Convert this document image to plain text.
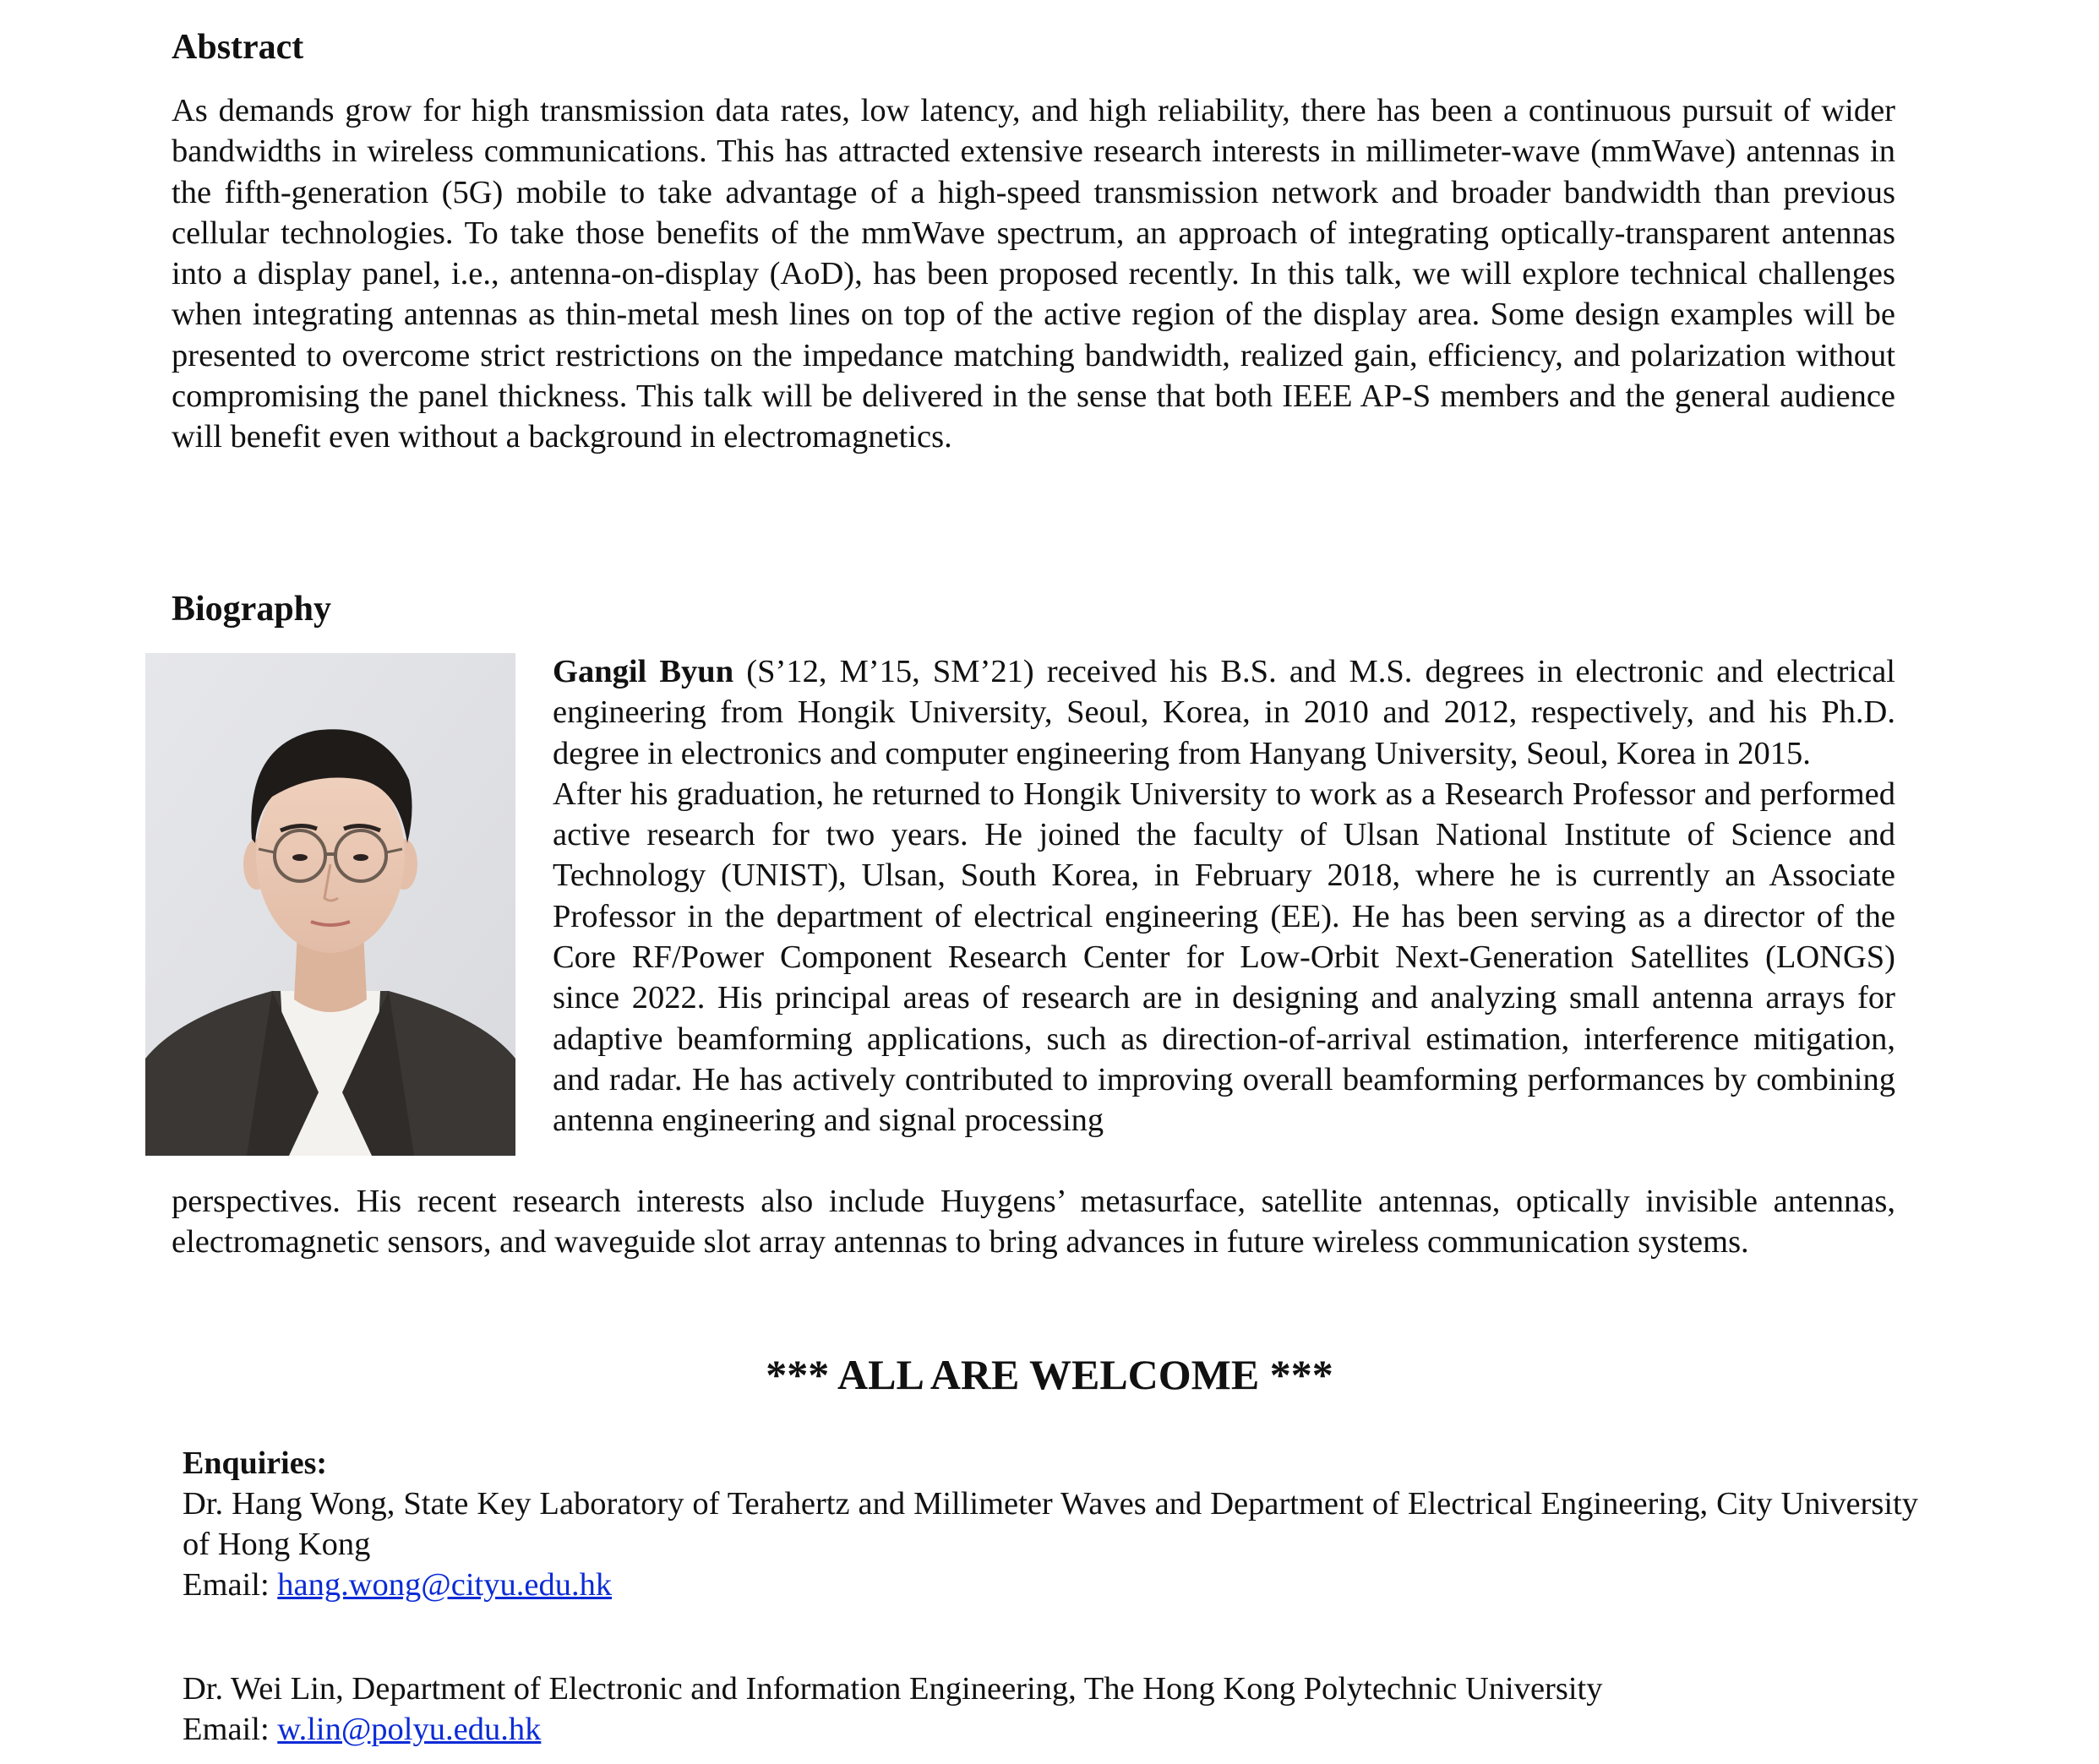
Abstract

As demands grow for high transmission data rates, low latency, and high reliability, there has been a continuous pursuit of wider bandwidths in wireless communications. This has attracted extensive research interests in millimeter-wave (mmWave) antennas in the fifth-generation (5G) mobile to take advantage of a high-speed transmission network and broader bandwidth than previous cellular technologies. To take those benefits of the mmWave spectrum, an approach of integrating optically-transparent antennas into a display panel, i.e., antenna-on-display (AoD), has been proposed recently. In this talk, we will explore technical challenges when integrating antennas as thin-metal mesh lines on top of the active region of the display area. Some design examples will be presented to overcome strict restrictions on the impedance matching bandwidth, realized gain, efficiency, and polarization without compromising the panel thickness. This talk will be delivered in the sense that both IEEE AP-S members and the general audience will benefit even without a background in electromagnetics.

Biography

Gangil Byun (S’12, M’15, SM’21) received his B.S. and M.S. degrees in electronic and electrical engineering from Hongik University, Seoul, Korea, in 2010 and 2012, respectively, and his Ph.D. degree in electronics and computer engineering from Hanyang University, Seoul, Korea in 2015.
After his graduation, he returned to Hongik University to work as a Research Professor and performed active research for two years. He joined the faculty of Ulsan National Institute of Science and Technology (UNIST), Ulsan, South Korea, in February 2018, where he is currently an Associate Professor in the department of electrical engineering (EE). He has been serving as a director of the Core RF/Power Component Research Center for Low-Orbit Next-Generation Satellites (LONGS) since 2022. His principal areas of research are in designing and analyzing small antenna arrays for adaptive beamforming applications, such as direction-of-arrival estimation, interference mitigation, and radar. He has actively contributed to improving overall beamforming performances by combining antenna engineering and signal processing

perspectives. His recent research interests also include Huygens’ metasurface, satellite antennas, optically invisible antennas, electromagnetic sensors, and waveguide slot array antennas to bring advances in future wireless communication systems.

*** ALL ARE WELCOME ***
Enquiries:

Dr. Hang Wong, State Key Laboratory of Terahertz and Millimeter Waves and Department of Electrical Engineering, City University of Hong Kong

Email: hang.wong@cityu.edu.hk

Dr. Wei Lin, Department of Electronic and Information Engineering, The Hong Kong Polytechnic University

Email: w.lin@polyu.edu.hk
